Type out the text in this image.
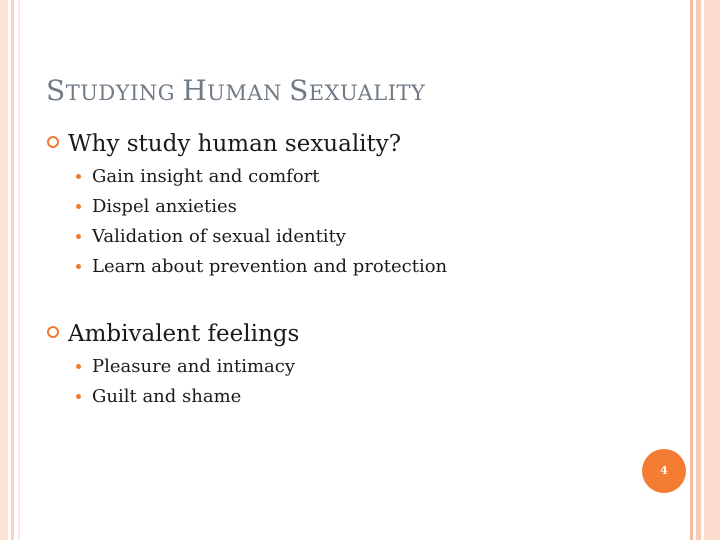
STUDYING HUMAN SEXUALITY
Why study human sexuality?
Gain insight and comfort
Dispel anxieties
Validation of sexual identity
Learn about prevention and protection
Ambivalent feelings
Pleasure and intimacy
Guilt and shame
4
